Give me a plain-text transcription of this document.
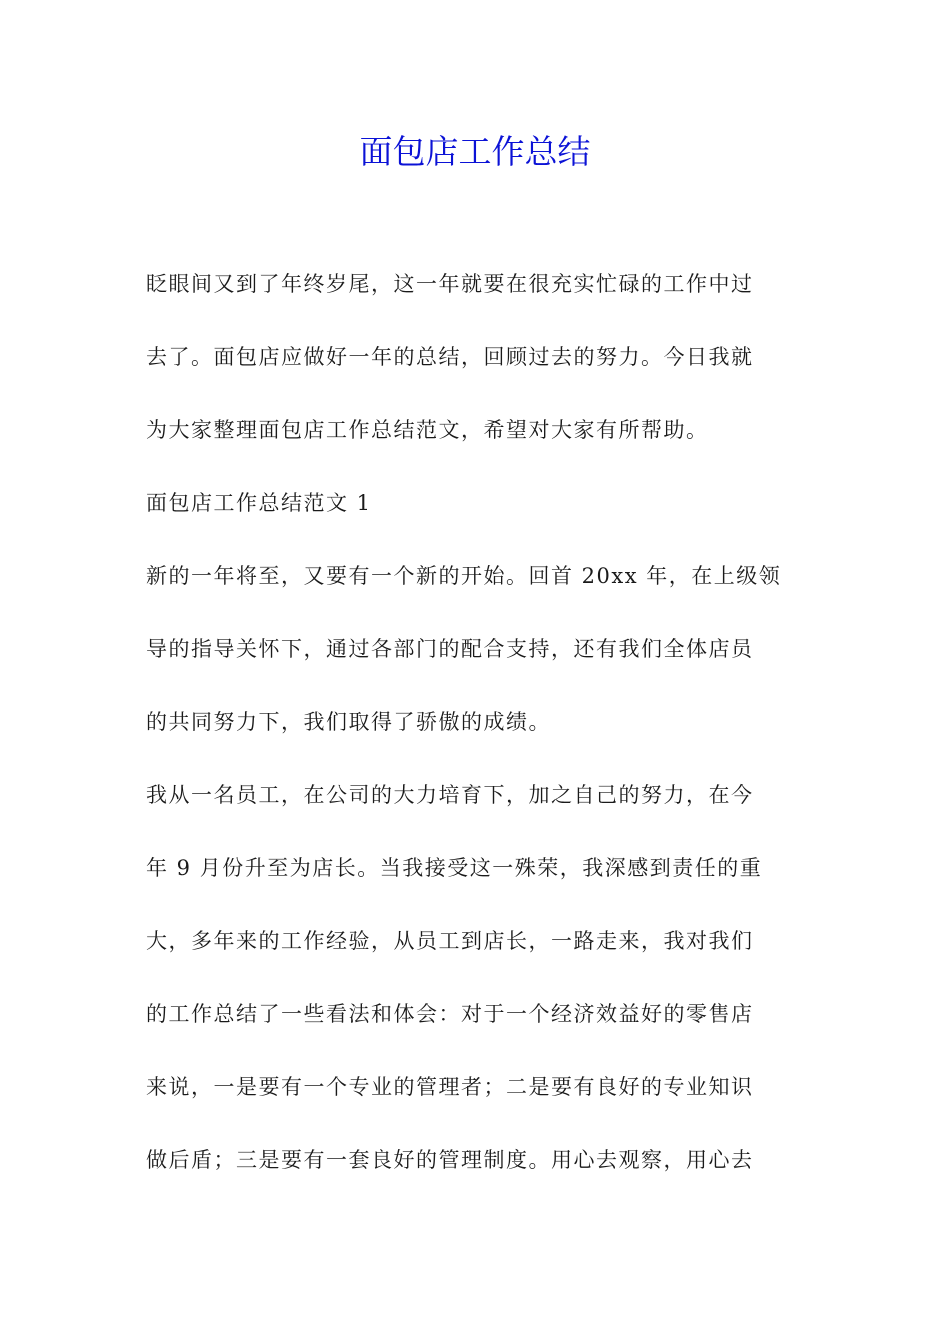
面包店工作总结
眨眼间又到了年终岁尾，这一年就要在很充实忙碌的工作中过
去了。面包店应做好一年的总结，回顾过去的努力。今日我就
为大家整理面包店工作总结范文，希望对大家有所帮助。
面包店工作总结范文 1
新的一年将至，又要有一个新的开始。回首 20xx 年，在上级领
导的指导关怀下，通过各部门的配合支持，还有我们全体店员
的共同努力下，我们取得了骄傲的成绩。
我从一名员工，在公司的大力培育下，加之自己的努力，在今
年 9 月份升至为店长。当我接受这一殊荣，我深感到责任的重
大，多年来的工作经验，从员工到店长，一路走来，我对我们
的工作总结了一些看法和体会：对于一个经济效益好的零售店
来说，一是要有一个专业的管理者；二是要有良好的专业知识
做后盾；三是要有一套良好的管理制度。用心去观察，用心去
